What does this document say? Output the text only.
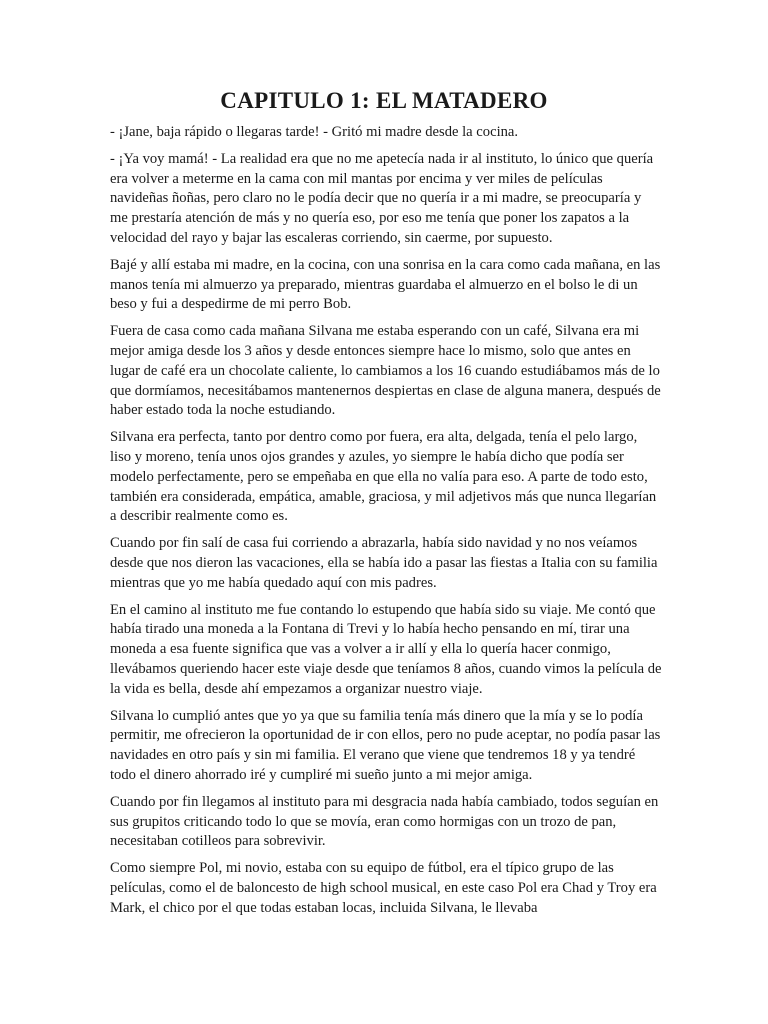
CAPITULO 1: EL MATADERO

- ¡Jane, baja rápido o llegaras tarde! - Gritó mi madre desde la cocina.

- ¡Ya voy mamá! - La realidad era que no me apetecía nada ir al instituto, lo único que quería era volver a meterme en la cama con mil mantas por encima y ver miles de películas navideñas ñoñas, pero claro no le podía decir que no quería ir a mi madre, se preocuparía y me prestaría atención de más y no quería eso, por eso me tenía que poner los zapatos a la velocidad del rayo y bajar las escaleras corriendo, sin caerme, por supuesto.

Bajé y allí estaba mi madre, en la cocina, con una sonrisa en la cara como cada mañana, en las manos tenía mi almuerzo ya preparado, mientras guardaba el almuerzo en el bolso le di un beso y fui a despedirme de mi perro Bob.

Fuera de casa como cada mañana Silvana me estaba esperando con un café, Silvana era mi mejor amiga desde los 3 años y desde entonces siempre hace lo mismo, solo que antes en lugar de café era un chocolate caliente, lo cambiamos a los 16 cuando estudiábamos más de lo que dormíamos, necesitábamos mantenernos despiertas en clase de alguna manera, después de haber estado toda la noche estudiando.

Silvana era perfecta, tanto por dentro como por fuera, era alta, delgada, tenía el pelo largo, liso y moreno, tenía unos ojos grandes y azules, yo siempre le había dicho que podía ser modelo perfectamente, pero se empeñaba en que ella no valía para eso. A parte de todo esto, también era considerada, empática, amable, graciosa, y mil adjetivos más que nunca llegarían a describir realmente como es.

Cuando por fin salí de casa fui corriendo a abrazarla, había sido navidad y no nos veíamos desde que nos dieron las vacaciones, ella se había ido a pasar las fiestas a Italia con su familia mientras que yo me había quedado aquí con mis padres.

En el camino al instituto me fue contando lo estupendo que había sido su viaje. Me contó que había tirado una moneda a la Fontana di Trevi y lo había hecho pensando en mí, tirar una moneda a esa fuente significa que vas a volver a ir allí y ella lo quería hacer conmigo, llevábamos queriendo hacer este viaje desde que teníamos 8 años, cuando vimos la película de la vida es bella, desde ahí empezamos a organizar nuestro viaje.

Silvana lo cumplió antes que yo ya que su familia tenía más dinero que la mía y se lo podía permitir, me ofrecieron la oportunidad de ir con ellos, pero no pude aceptar, no podía pasar las navidades en otro país y sin mi familia. El verano que viene que tendremos 18 y ya tendré todo el dinero ahorrado iré y cumpliré mi sueño junto a mi mejor amiga.

Cuando por fin llegamos al instituto para mi desgracia nada había cambiado, todos seguían en sus grupitos criticando todo lo que se movía, eran como hormigas con un trozo de pan, necesitaban cotilleos para sobrevivir.

Como siempre Pol, mi novio, estaba con su equipo de fútbol, era el típico grupo de las películas, como el de baloncesto de high school musical, en este caso Pol era Chad y Troy era Mark, el chico por el que todas estaban locas, incluida Silvana, le llevaba
